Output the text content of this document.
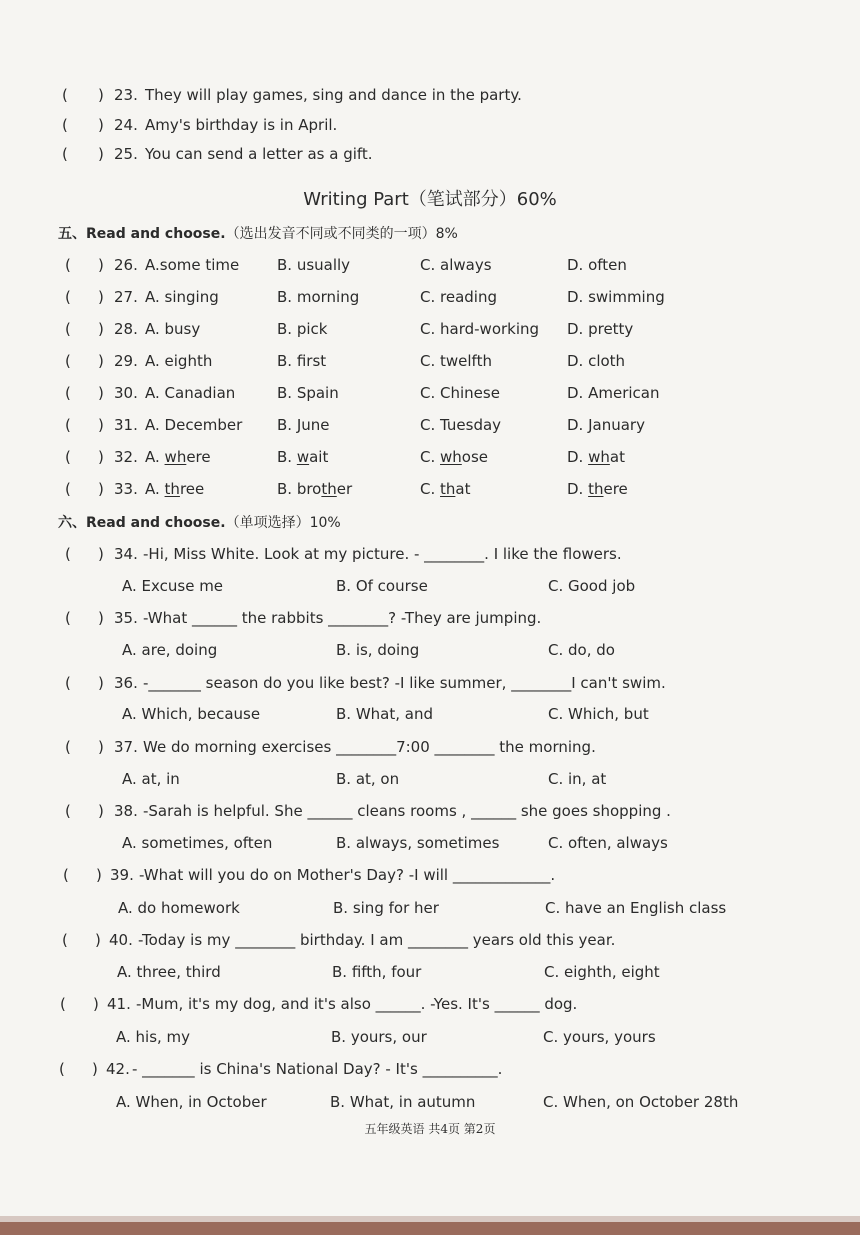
( ) 23. They will play games, sing and dance in the party.
( ) 24. Amy's birthday is in April.
( ) 25. You can send a letter as a gift.
Writing Part（笔试部分）60%
五、Read and choose.（选出发音不同或不同类的一项）8%
( ) 26. A.some time	B. usually	C. always	D. often
( ) 27. A. singing	B. morning	C. reading	D. swimming
( ) 28. A. busy	B. pick	C. hard-working D. pretty
( ) 29. A. eighth	B. first	C. twelfth	D. cloth
( ) 30. A. Canadian	B. Spain	C. Chinese	D. American
( ) 31. A. December B. June	C. Tuesday	D. January
( ) 32. A. where	B. wait	C. whose	D. what
( ) 33. A. three	B. brother	C. that	D. there
六、Read and choose.（单项选择）10%
( ) 34. -Hi, Miss White. Look at my picture. - ________. I like the flowers.
A. Excuse me	B. Of course	C. Good job
( ) 35. -What ______ the rabbits ________? -They are jumping.
A. are, doing	B. is, doing	C. do, do
( ) 36. -_______ season do you like best? -I like summer, ________I can't swim.
A. Which, because	B. What, and	C. Which, but
( ) 37. We do morning exercises ________7:00 ________ the morning.
A. at, in	B. at, on	C. in, at
( ) 38. -Sarah is helpful. She ______ cleans rooms , ______ she goes shopping .
A. sometimes, often	B. always, sometimes	C. often, always
( ) 39. -What will you do on Mother's Day? -I will _____________.
A. do homework	B. sing for her	C. have an English class
( ) 40. -Today is my ________ birthday. I am ________ years old this year.
A. three, third	B. fifth, four	C. eighth, eight
( ) 41. -Mum, it's my dog, and it's also ______. -Yes. It's ______ dog.
A. his, my	B. yours, our	C. yours, yours
( ) 42. - _______ is China's National Day? - It's __________.
A. When, in October	B. What, in autumn	C. When, on October 28th
五年级英语 共4页 第2页
